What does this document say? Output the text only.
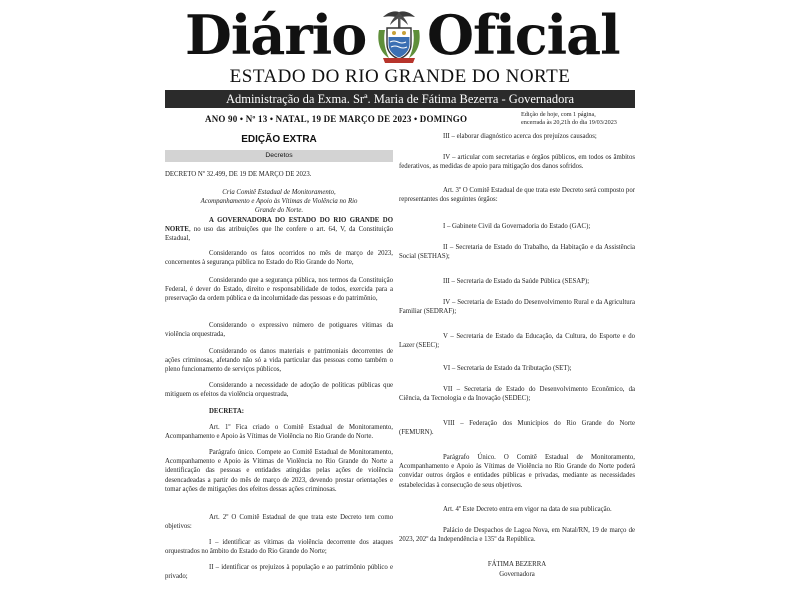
Diário Oficial
ESTADO DO RIO GRANDE DO NORTE
Administração da Exma. Srª. Maria de Fátima Bezerra - Governadora
ANO 90 • Nº 13 • NATAL, 19 DE MARÇO DE 2023 • DOMINGO	Edição de hoje, com 1 página,
encerrada às 20,21h do dia 19/03/2023
EDIÇÃO EXTRA
Decretos

DECRETO Nº 32.499, DE 19 DE MARÇO DE 2023.

Cria Comitê Estadual de Monitoramento, Acompanhamento e Apoio às Vítimas de Violência no Rio Grande do Norte.

A GOVERNADORA DO ESTADO DO RIO GRANDE DO NORTE, no uso das atribuições que lhe confere o art. 64, V, da Constituição Estadual,

Considerando os fatos ocorridos no mês de março de 2023, concernentes à segurança pública no Estado do Rio Grande do Norte,

Considerando que a segurança pública, nos termos da Constituição Federal, é dever do Estado, direito e responsabilidade de todos, exercida para a preservação da ordem pública e da incolumidade das pessoas e do patrimônio,

Considerando o expressivo número de potiguares vítimas da violência orquestrada,

Considerando os danos materiais e patrimoniais decorrentes de ações criminosas, afetando não só a vida particular das pessoas como também o pleno funcionamento de serviços públicos,

Considerando a necessidade de adoção de políticas públicas que mitiguem os efeitos da violência orquestrada,

DECRETA:

Art. 1º Fica criado o Comitê Estadual de Monitoramento, Acompanhamento e Apoio às Vítimas de Violência no Rio Grande do Norte.

Parágrafo único. Compete ao Comitê Estadual de Monitoramento, Acompanhamento e Apoio às Vítimas de Violência no Rio Grande do Norte a identificação das pessoas e entidades atingidas pelas ações de violência desencadeadas a partir do mês de março de 2023, devendo prestar orientações e tomar ações de mitigações dos efeitos dessas ações criminosas.

Art. 2º O Comitê Estadual de que trata este Decreto tem como objetivos:

I – identificar as vítimas da violência decorrente dos ataques orquestrados no âmbito do Estado do Rio Grande do Norte;

II – identificar os prejuízos à população e ao patrimônio público e privado;

III – elaborar diagnóstico acerca dos prejuízos causados;

IV – articular com secretarias e órgãos públicos, em todos os âmbitos federativos, as medidas de apoio para mitigação dos danos sofridos.

Art. 3º O Comitê Estadual de que trata este Decreto será composto por representantes dos seguintes órgãos:

I – Gabinete Civil da Governadoria do Estado (GAC);

II – Secretaria de Estado do Trabalho, da Habitação e da Assistência Social (SETHAS);

III – Secretaria de Estado da Saúde Pública (SESAP);

IV – Secretaria de Estado do Desenvolvimento Rural e da Agricultura Familiar (SEDRAF);

V – Secretaria de Estado da Educação, da Cultura, do Esporte e do Lazer (SEEC);

VI – Secretaria de Estado da Tributação (SET);

VII – Secretaria de Estado do Desenvolvimento Econômico, da Ciência, da Tecnologia e da Inovação (SEDEC);

VIII – Federação dos Municípios do Rio Grande do Norte (FEMURN).

Parágrafo Único. O Comitê Estadual de Monitoramento, Acompanhamento e Apoio às Vítimas de Violência no Rio Grande do Norte poderá convidar outros órgãos e entidades públicas e privadas, mediante as necessidades estabelecidas à consecução de seus objetivos.

Art. 4º Este Decreto entra em vigor na data de sua publicação.

Palácio de Despachos de Lagoa Nova, em Natal/RN, 19 de março de 2023, 202º da Independência e 135º da República.

FÁTIMA BEZERRA

Governadora
